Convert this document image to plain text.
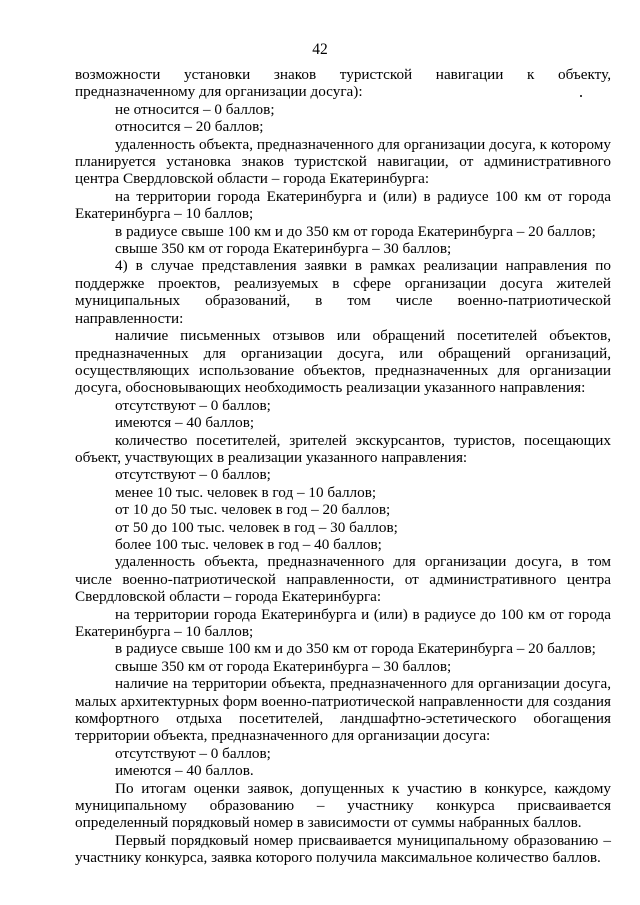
42

возможности установки знаков туристской навигации к объекту, предназначенному для организации досуга):

не относится – 0 баллов;

относится – 20 баллов;

удаленность объекта, предназначенного для организации досуга, к которому планируется установка знаков туристской навигации, от административного центра Свердловской области – города Екатеринбурга:

на территории города Екатеринбурга и (или) в радиусе 100 км от города Екатеринбурга – 10 баллов;

в радиусе свыше 100 км и до 350 км от города Екатеринбурга – 20 баллов;

свыше 350 км от города Екатеринбурга – 30 баллов;

4) в случае представления заявки в рамках реализации направления по поддержке проектов, реализуемых в сфере организации досуга жителей муниципальных образований, в том числе военно-патриотической направленности:

наличие письменных отзывов или обращений посетителей объектов, предназначенных для организации досуга, или обращений организаций, осуществляющих использование объектов, предназначенных для организации досуга, обосновывающих необходимость реализации указанного направления:

отсутствуют – 0 баллов;

имеются – 40 баллов;

количество посетителей, зрителей экскурсантов, туристов, посещающих объект, участвующих в реализации указанного направления:

отсутствуют – 0 баллов;

менее 10 тыс. человек в год – 10 баллов;

от 10 до 50 тыс. человек в год – 20 баллов;

от 50 до 100 тыс. человек в год – 30 баллов;

более 100 тыс. человек в год – 40 баллов;

удаленность объекта, предназначенного для организации досуга, в том числе военно-патриотической направленности, от административного центра Свердловской области – города Екатеринбурга:

на территории города Екатеринбурга и (или) в радиусе до 100 км от города Екатеринбурга – 10 баллов;

в радиусе свыше 100 км и до 350 км от города Екатеринбурга – 20 баллов;

свыше 350 км от города Екатеринбурга – 30 баллов;

наличие на территории объекта, предназначенного для организации досуга, малых архитектурных форм военно-патриотической направленности для создания комфортного отдыха посетителей, ландшафтно-эстетического обогащения территории объекта, предназначенного для организации досуга:

отсутствуют – 0 баллов;

имеются – 40 баллов.

По итогам оценки заявок, допущенных к участию в конкурсе, каждому муниципальному образованию – участнику конкурса присваивается определенный порядковый номер в зависимости от суммы набранных баллов.

Первый порядковый номер присваивается муниципальному образованию – участнику конкурса, заявка которого получила максимальное количество баллов.
